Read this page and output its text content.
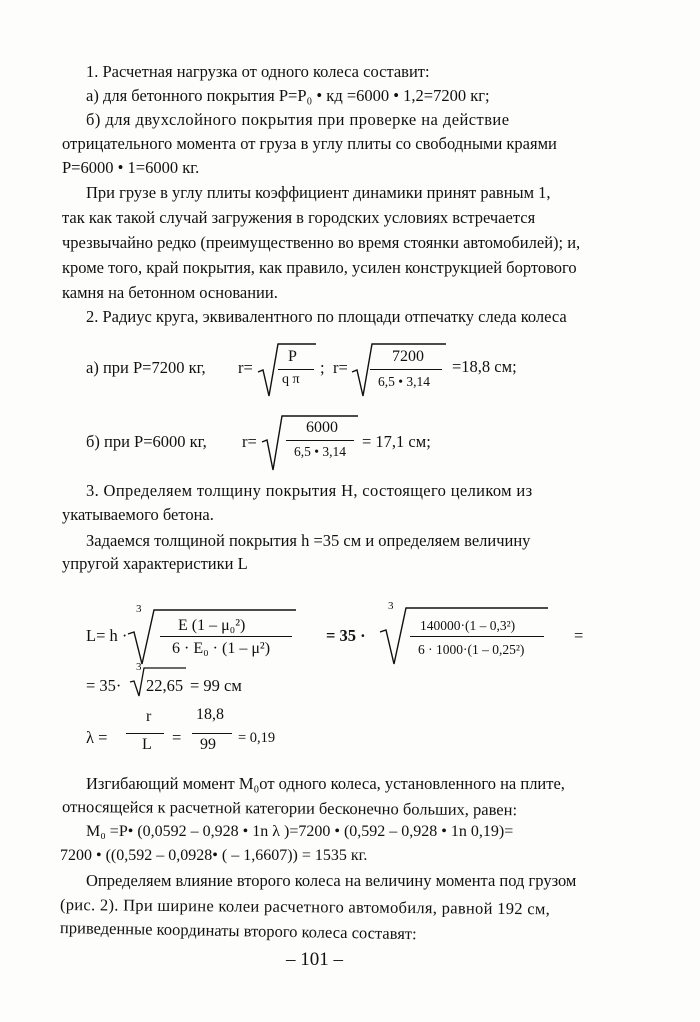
1. Расчетная нагрузка от одного колеса составит:
а) для бетонного покрытия Р=Р₀ • кд =6000 • 1,2=7200 кг;
б) для двухслойного покрытия при проверке на действие
отрицательного момента от груза в углу плиты со свободными краями
Р=6000 • 1=6000 кг.
При грузе в углу плиты коэффициент динамики принят равным 1,
так как такой случай загружения в городских условиях встречается
чрезвычайно редко (преимущественно во время стоянки автомобилей); и,
кроме того, край покрытия, как правило, усилен конструкцией бортового
камня на бетонном основании.
2. Радиус круга, эквивалентного по площади отпечатку следа колеса
а) при Р=7200 кг, r=
P
q π
; r=
7200
6,5 • 3,14
=18,8 см;
б) при Р=6000 кг, r=
6000
6,5 • 3,14
= 17,1 см;
3. Определяем толщину покрытия Н, состоящего целиком из
укатываемого бетона.
Задаемся толщиной покрытия h =35 см и определяем величину
упругой характеристики L
L= h ·
3
E (1 – μ₀²)
6 · E₀ · (1 – μ²)
= 35 ·
3
140000·(1 – 0,3²)
6 · 1000·(1 – 0,25²)
=
= 35·
3
22,65 = 99 см
λ =
r
L =
18,8
99 = 0,19
Изгибающий момент М₀от одного колеса, установленного на плите,
относящейся к расчетной категории бесконечно больших, равен:
М₀ =Р• (0,0592 – 0,928 • 1n λ )=7200 • (0,592 – 0,928 • 1n 0,19)=
7200 • ((0,592 – 0,0928• ( – 1,6607)) = 1535 кг.
Определяем влияние второго колеса на величину момента под грузом
(рис. 2). При ширине колеи расчетного автомобиля, равной 192 см,
приведенные координаты второго колеса составят:
– 101 –
